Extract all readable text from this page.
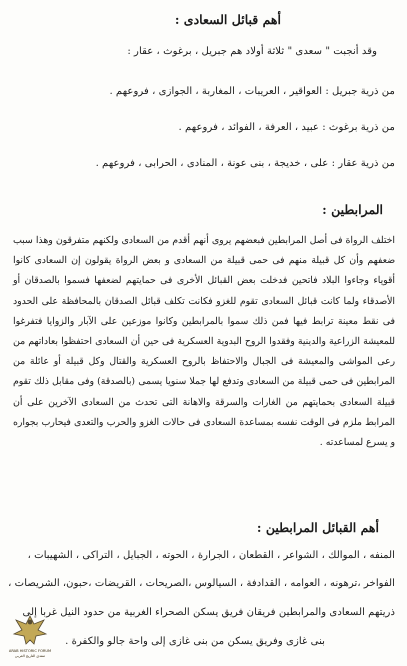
أهم قبائل السعادى :
وقد أنجبت " سعدى " ثلاثة أولاد هم جبريل ، برغوث ، عقار :
من ذرية جبريل : العواقير ، العريبات ، المغاربة ، الجوازى ، فروعهم .
من ذرية برغوث : عبيد ، العرفة ، الفوائد ، فروعهم .
من ذرية عقار : على ، خديجة ، بنى عونة ، المنادى ، الحرابى ، فروعهم .
المرابطين :

اختلف الرواة فى أصل المرابطين فبعضهم يروى أنهم أقدم من السعادى ولكنهم متفرقون وهذا سبب ضعفهم وأن كل قبيلة منهم فى حمى قبيلة من السعادى و بعض الرواة يقولون إن السعادى كانوا أقوياء وجاءوا البلاد فاتحين فدخلت بعض القبائل الأخرى فى حمايتهم لضعفها فسموا بالصدقان أو الأصدقاء ولما كانت قبائل السعادى تقوم للغزو فكانت تكلف قبائل الصدقان بالمحافظة على الحدود فى نقط معينة ترابط فيها فمن ذلك سموا بالمرابطين وكانوا موزعين على الآبار والزوايا فتفرغوا للمعيشة الزراعية والدينية وفقدوا الروح البدوية العسكرية فى حين أن السعادى احتفظوا بعاداتهم من رعى المواشى والمعيشة فى الجبال والاحتفاظ بالروح العسكرية والقتال وكل قبيلة أو عائلة من المرابطين فى حمى قبيلة من السعادى وتدفع لها جملا سنويا يسمى (بالصدقة) وفى مقابل ذلك تقوم قبيلة السعادى بحمايتهم من الغارات والسرقة والاهانة التى تحدث من السعادى الآخرين على أن المرابط ملزم فى الوقت نفسه بمساعدة السعادى فى حالات الغزو والحرب والتعدى فيحارب بجواره و يسرع لمساعدته .

أهم القبائل المرابطين :
المنفه ، الموالك ، الشواعر ، القطعان ، الجرارة ، الحوته ، الجبايل ، التراكى ، الشهيبات ،
الفواخر ،ترهونه ، العوامه ، القدادفة ، السيالوس ،الصريحات ، القريضات ،حبون، الشريصات ،
ذريتهم السعادى والمرابطين فريقان فريق يسكن الصحراء الغربية من حدود النيل غربا إلى
بنى غازى وفريق يسكن من بنى غازى إلى واحة جالو والكفرة .
ARAB HISTORIC FORUM
منتدى التاريخ العربي
